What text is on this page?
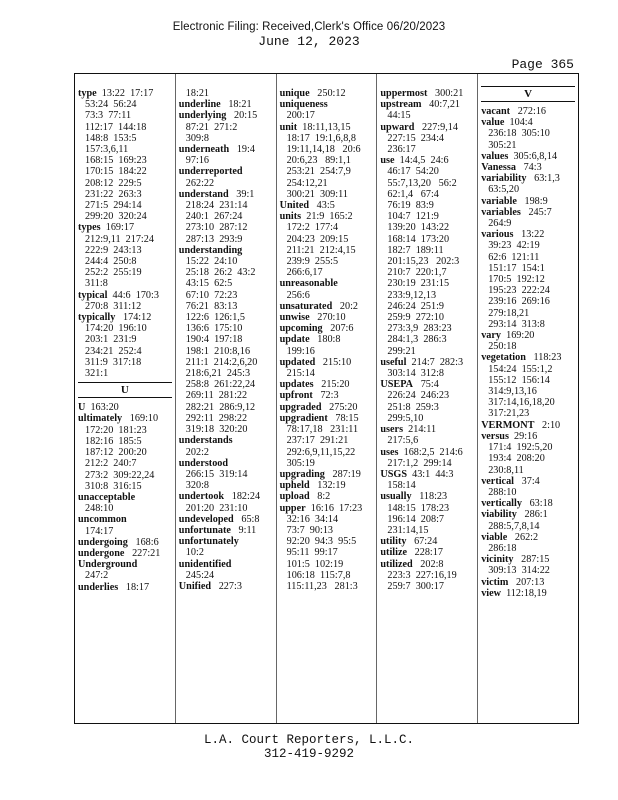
Electronic Filing: Received,Clerk's Office 06/20/2023
June 12, 2023
Page 365
type  13:22  17:17
53:24  56:24
73:3  77:11
112:17  144:18
148:8  153:5
157:3,6,11
168:15  169:23
170:15  184:22
208:12  229:5
231:22  263:3
271:5  294:14
299:20  320:24
types  169:17
212:9,11  217:24
222:9  243:13
244:4  250:8
252:2  255:19
311:8
typical  44:6  170:3
270:8  311:12
typically   174:12
174:20  196:10
203:1  231:9
234:21  252:4
311:9  317:18
321:1
U
U  163:20
ultimately   169:10
172:20  181:23
182:16  185:5
187:12  200:20
212:2  240:7
273:2  309:22,24
310:8  316:15
unacceptable
248:10
uncommon
174:17
undergoing   168:6
undergone   227:21
Underground
247:2
underlies   18:17
18:21
underline   18:21
underlying   20:15
87:21  271:2
309:8
underneath   19:4
97:16
underreported
262:22
understand   39:1
218:24  231:14
240:1  267:24
273:10  287:12
287:13  293:9
understanding
15:22  24:10
25:18  26:2  43:2
43:15  62:5
67:10  72:23
76:21  83:13
122:6  126:1,5
136:6  175:10
190:4  197:18
198:1  210:8,16
211:1  214:2,6,20
218:6,21  245:3
258:8  261:22,24
269:11  281:22
282:21  286:9,12
292:11  298:22
319:18  320:20
understands
202:2
understood
266:15  319:14
320:8
undertook   182:24
201:20  231:10
undeveloped   65:8
unfortunate   9:11
unfortunately
10:2
unidentified
245:24
Unified   227:3
unique   250:12
uniqueness
200:17
unit  18:11,13,15
18:17  19:1,6,8,8
19:11,14,18   20:6
20:6,23   89:1,1
253:21  254:7,9
254:12,21
300:21  309:11
United   43:5
units  21:9  165:2
172:2  177:4
204:23  209:15
211:21  212:4,15
239:9  255:5
266:6,17
unreasonable
256:6
unsaturated   20:2
unwise   270:10
upcoming   207:6
update   180:8
199:16
updated   215:10
215:14
updates   215:20
upfront   72:3
upgraded   275:20
upgradient   78:15
78:17,18   231:11
237:17  291:21
292:6,9,11,15,22
305:19
upgrading   287:19
upheld   132:19
upload   8:2
upper  16:16  17:23
32:16  34:14
73:7  90:13
92:20  94:3  95:5
95:11  99:17
101:5  102:19
106:18  115:7,8
115:11,23   281:3
uppermost   300:21
upstream   40:7,21
44:15
upward   227:9,14
227:15  234:4
236:17
use  14:4,5  24:6
46:17  54:20
55:7,13,20   56:2
62:1,4   67:4
76:19  83:9
104:7  121:9
139:20  143:22
168:14  173:20
182:7  189:11
201:15,23   202:3
210:7  220:1,7
230:19  231:15
233:9,12,13
246:24  251:9
259:9  272:10
273:3,9  283:23
284:1,3  286:3
299:21
useful  214:7  282:3
303:14  312:8
USEPA   75:4
226:24  246:23
251:8  259:3
299:5,10
users  214:11
217:5,6
uses  168:2,5  214:6
217:1,2  299:14
USGS  43:1  44:3
158:14
usually   118:23
148:15  178:23
196:14  208:7
231:14,15
utility   67:24
utilize   228:17
utilized   202:8
223:3  227:16,19
259:7  300:17
V
vacant   272:16
value  104:4
236:18  305:10
305:21
values  305:6,8,14
Vanessa   74:3
variability   63:1,3
63:5,20
variable   198:9
variables   245:7
264:9
various   13:22
39:23  42:19
62:6  121:11
151:17  154:1
170:5  192:12
195:23  222:24
239:16  269:16
279:18,21
293:14  313:8
vary  169:20
250:18
vegetation   118:23
154:24  155:1,2
155:12  156:14
314:9,13,16
317:14,16,18,20
317:21,23
VERMONT   2:10
versus  29:16
171:4  192:5,20
193:4  208:20
230:8,11
vertical   37:4
288:10
vertically   63:18
viability   286:1
288:5,7,8,14
viable   262:2
286:18
vicinity   287:15
309:13  314:22
victim   207:13
view  112:18,19
L.A. Court Reporters, L.L.C.
312-419-9292
